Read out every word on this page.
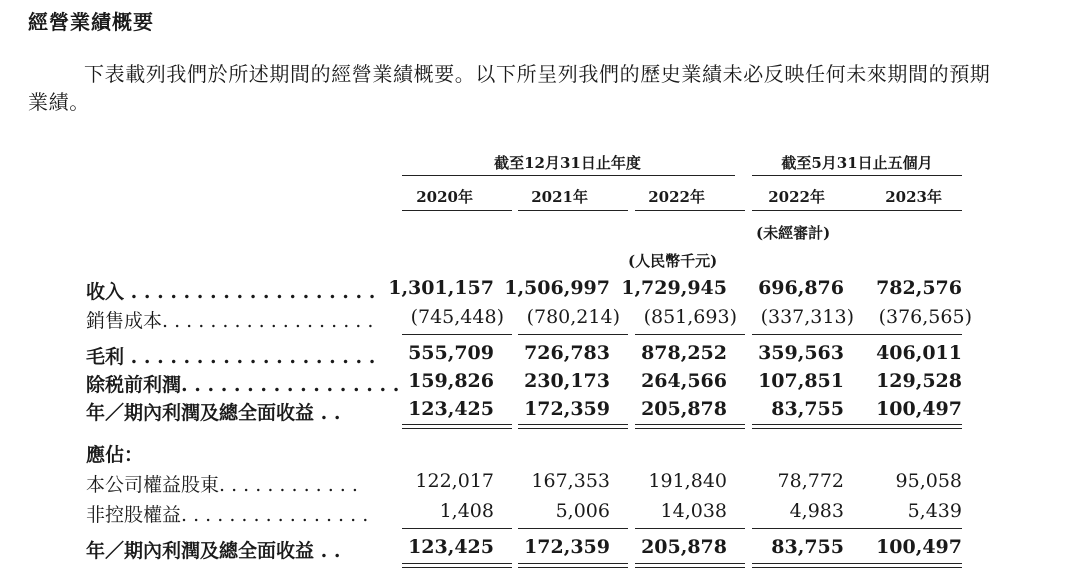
經營業績概要
下表載列我們於所述期間的經營業績概要。以下所呈列我們的歷史業績未必反映任何未來期間的預期業績。
截至12月31日止年度	截至5月31日止五個月
2020年	2021年	2022年	2022年	2023年
(未經審計)
(人民幣千元)
收入 . . . . . . . . . . . . . . . . . . . 1,301,157 1,506,997 1,729,945	696,876	782,576
銷售成本. . . . . . . . . . . . . . . . . .	(745,448)	(780,214)	(851,693)	(337,313)	(376,565)
毛利 . . . . . . . . . . . . . . . . . . .	555,709	726,783	878,252	359,563	406,011
除税前利潤. . . . . . . . . . . . . . . . . 159,826	230,173	264,566	107,851	129,528
年／期內利潤及總全面收益 . .	123,425	172,359	205,878	83,755	100,497
應佔：
本公司權益股東. . . . . . . . . . . .	122,017	167,353	191,840	78,772	95,058
非控股權益. . . . . . . . . . . . . . . .	1,408	5,006	14,038	4,983	5,439
年／期內利潤及總全面收益 . .	123,425	172,359	205,878	83,755	100,497
